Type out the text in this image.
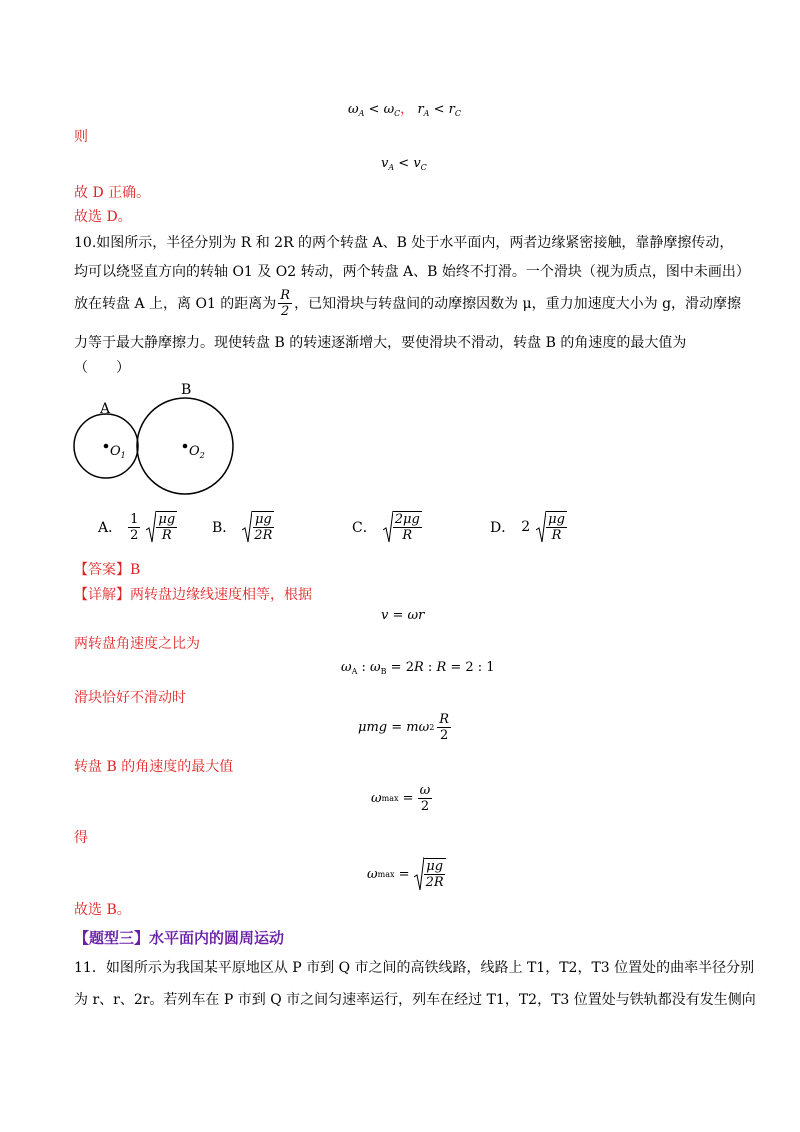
$\omega_A < \omega_C$， $r_A < r_C$
则
$v_A < v_C$
故 D 正确。
故选 D。
10.如图所示，半径分别为 R 和 2R 的两个转盘 A、B 处于水平面内，两者边缘紧密接触，靠静摩擦传动，
均可以绕竖直方向的转轴 O1 及 O2 转动，两个转盘 A、B 始终不打滑。一个滑块（视为质点，图中未画出）
放在转盘 A 上，离 O1 的距离为 $\frac{R}{2}$ ，已知滑块与转盘间的动摩擦因数为 μ，重力加速度大小为 g，滑动摩擦
力等于最大静摩擦力。现使转盘 B 的转速逐渐增大，要使滑块不滑动，转盘 B 的角速度的最大值为
（　　）
A
B
$O_1$	$O_2$
A． $\frac{1}{2} \frac{\mu g}{R}$ B． $\frac{\mu g}{2R}$	C． $\frac{2\mu g}{R}$	D． $2 \frac{\mu g}{R}$
【答案】B
【详解】两转盘边缘线速度相等，根据
v = ωr
两转盘角速度之比为
$\omega_A$ : $\omega_B = 2R$ : R = 2 : 1
滑块恰好不滑动时
μmg = mω $2 \frac{R}{2}$
转盘 B 的角速度的最大值
ω $\max = \frac{\omega}{2}$
得
ω $\max = \frac{\mu g}{2R}$
故选 B。
【题型三】水平面内的圆周运动
11．如图所示为我国某平原地区从 P 市到 Q 市之间的高铁线路，线路上 T1，T2，T3 位置处的曲率半径分别
为 r、r、2r。若列车在 P 市到 Q 市之间匀速率运行，列车在经过 T1，T2，T3 位置处与铁轨都没有发生侧向
